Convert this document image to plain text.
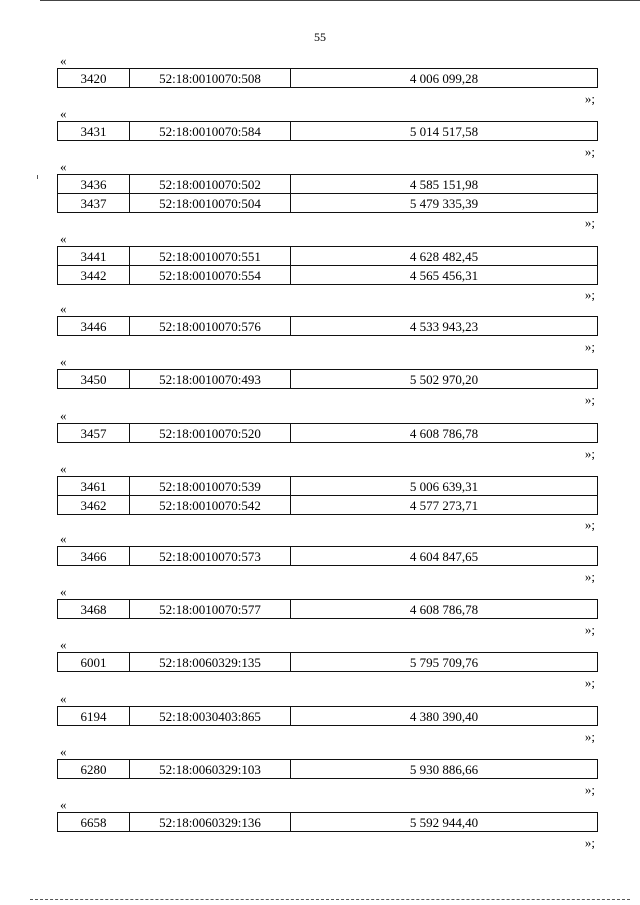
55
«
3420	52:18:0010070:508	4 006 099,28
»;
«
3431	52:18:0010070:584	5 014 517,58
»;
«
3436	52:18:0010070:502	4 585 151,98
3437	52:18:0010070:504	5 479 335,39
»;
«
3441	52:18:0010070:551	4 628 482,45
3442	52:18:0010070:554	4 565 456,31
»;
«
3446	52:18:0010070:576	4 533 943,23
»;
«
3450	52:18:0010070:493	5 502 970,20
»;
«
3457	52:18:0010070:520	4 608 786,78
»;
«
3461	52:18:0010070:539	5 006 639,31
3462	52:18:0010070:542	4 577 273,71
»;
«
3466	52:18:0010070:573	4 604 847,65
»;
«
3468	52:18:0010070:577	4 608 786,78
»;
«
6001	52:18:0060329:135	5 795 709,76
»;
«
6194	52:18:0030403:865	4 380 390,40
»;
«
6280	52:18:0060329:103	5 930 886,66
»;
«
6658	52:18:0060329:136	5 592 944,40
»;
